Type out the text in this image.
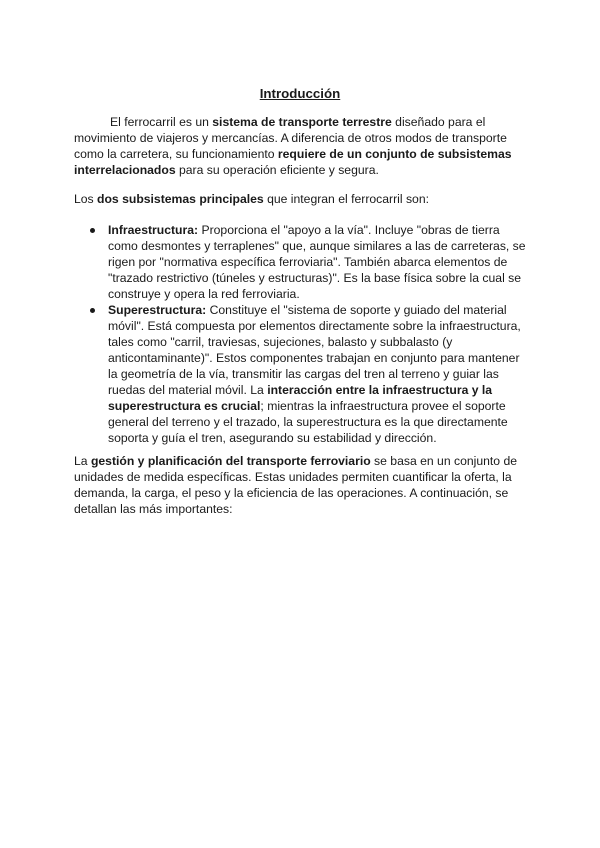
Introducción

El ferrocarril es un sistema de transporte terrestre diseñado para el movimiento de viajeros y mercancías. A diferencia de otros modos de transporte como la carretera, su funcionamiento requiere de un conjunto de subsistemas interrelacionados para su operación eficiente y segura.

Los dos subsistemas principales que integran el ferrocarril son:

Infraestructura: Proporciona el "apoyo a la vía". Incluye "obras de tierra como desmontes y terraplenes" que, aunque similares a las de carreteras, se rigen por "normativa específica ferroviaria". También abarca elementos de "trazado restrictivo (túneles y estructuras)". Es la base física sobre la cual se construye y opera la red ferroviaria.
Superestructura: Constituye el "sistema de soporte y guiado del material móvil". Está compuesta por elementos directamente sobre la infraestructura, tales como "carril, traviesas, sujeciones, balasto y subbalasto (y anticontaminante)". Estos componentes trabajan en conjunto para mantener la geometría de la vía, transmitir las cargas del tren al terreno y guiar las ruedas del material móvil. La interacción entre la infraestructura y la superestructura es crucial; mientras la infraestructura provee el soporte general del terreno y el trazado, la superestructura es la que directamente soporta y guía el tren, asegurando su estabilidad y dirección.

La gestión y planificación del transporte ferroviario se basa en un conjunto de unidades de medida específicas. Estas unidades permiten cuantificar la oferta, la demanda, la carga, el peso y la eficiencia de las operaciones. A continuación, se detallan las más importantes:
